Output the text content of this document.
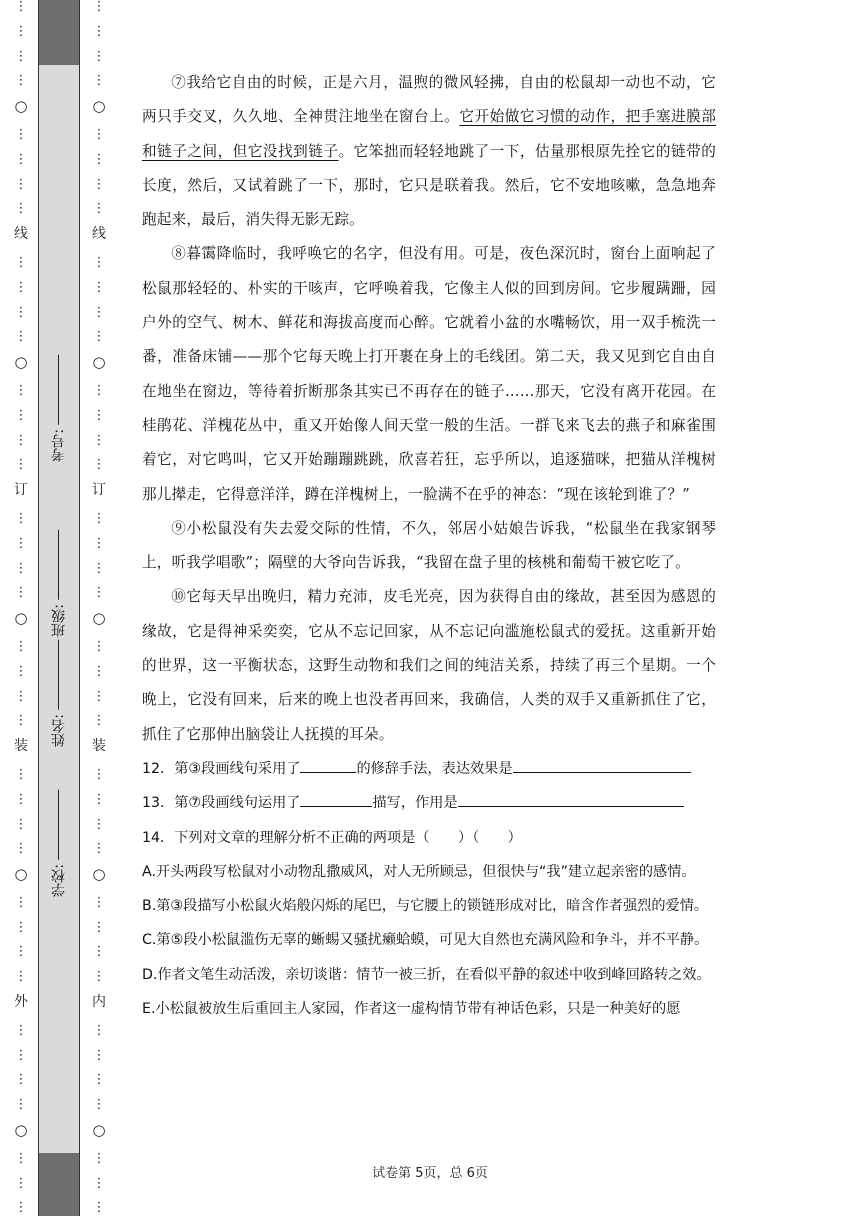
⋮
⋮
⋮
⋮
○
⋮
⋮
⋮
⋮
线
⋮
⋮
⋮
⋮
○
⋮
⋮
⋮
⋮
订
⋮
⋮
⋮
⋮
○
⋮
⋮
⋮
⋮
装
⋮
⋮
⋮
⋮
○
⋮
⋮
⋮
⋮
外
⋮
⋮
⋮
⋮
○
⋮
⋮
⋮
学校:
姓名:
班级:
考号:
⋮
⋮
⋮
⋮
○
⋮
⋮
⋮
⋮
线
⋮
⋮
⋮
⋮
○
⋮
⋮
⋮
⋮
订
⋮
⋮
⋮
⋮
○
⋮
⋮
⋮
⋮
装
⋮
⋮
⋮
⋮
○
⋮
⋮
⋮
⋮
内
⋮
⋮
⋮
⋮
○
⋮
⋮
⋮

⑦我给它自由的时候，正是六月，温煦的微风轻拂，自由的松鼠却一动也不动，它两只手交叉，久久地、全神贯注地坐在窗台上。它开始做它习惯的动作，把手塞进膜部和链子之间，但它没找到链子。它笨拙而轻轻地跳了一下，估量那根原先拴它的链带的长度，然后，又试着跳了一下，那时，它只是联着我。然后，它不安地咳嗽，急急地奔跑起来，最后，消失得无影无踪。

⑧暮霭降临时，我呼唤它的名字，但没有用。可是，夜色深沉时，窗台上面响起了松鼠那轻轻的、朴实的干咳声，它呼唤着我，它像主人似的回到房间。它步履蹒跚，园户外的空气、树木、鲜花和海拔高度而心醉。它就着小盆的水嘴畅饮，用一双手梳洗一番，准备床铺——那个它每天晚上打开裹在身上的毛线团。第二天，我又见到它自由自在地坐在窗边，等待着折断那条其实已不再存在的链子……那天，它没有离开花园。在桂鹃花、洋槐花丛中，重又开始像人间天堂一般的生活。一群飞来飞去的燕子和麻雀围着它，对它鸣叫，它又开始蹦蹦跳跳，欣喜若狂，忘乎所以，追逐猫咪，把猫从洋槐树那儿撵走，它得意洋洋，蹲在洋槐树上，一脸满不在乎的神态：“现在该轮到谁了？”

⑨小松鼠没有失去爱交际的性情，不久，邻居小姑娘告诉我，“松鼠坐在我家钢琴上，听我学唱歌”；隔壁的大爷向告诉我，“我留在盘子里的核桃和葡萄干被它吃了。

⑩它每天早出晚归，精力充沛，皮毛光亮，因为获得自由的缘故，甚至因为感恩的缘故，它是得神采奕奕，它从不忘记回家，从不忘记向滥施松鼠式的爱抚。这重新开始的世界，这一平衡状态，这野生动物和我们之间的纯洁关系，持续了再三个星期。一个晚上，它没有回来，后来的晚上也没者再回来，我确信，人类的双手又重新抓住了它，抓住了它那伸出脑袋让人抚摸的耳朵。

12．第③段画线句采用了	的修辞手法，表达效果是

13．第⑦段画线句运用了	描写，作用是

14．下列对文章的理解分析不正确的两项是（　　）（　　）

A.开头两段写松鼠对小动物乱撒威风，对人无所顾忌，但很快与“我”建立起亲密的感情。

B.第③段描写小松鼠火焰般闪烁的尾巴，与它腰上的锁链形成对比，暗含作者强烈的爱情。

C.第⑤段小松鼠滥伤无辜的蜥蜴又骚扰癞蛤蟆，可见大自然也充满风险和争斗，并不平静。

D.作者文笔生动活泼，亲切谈谐：情节一被三折，在看似平静的叙述中收到峰回路转之效。

E.小松鼠被放生后重回主人家园，作者这一虚构情节带有神话色彩，只是一种美好的愿

试卷第 5页，总 6页
